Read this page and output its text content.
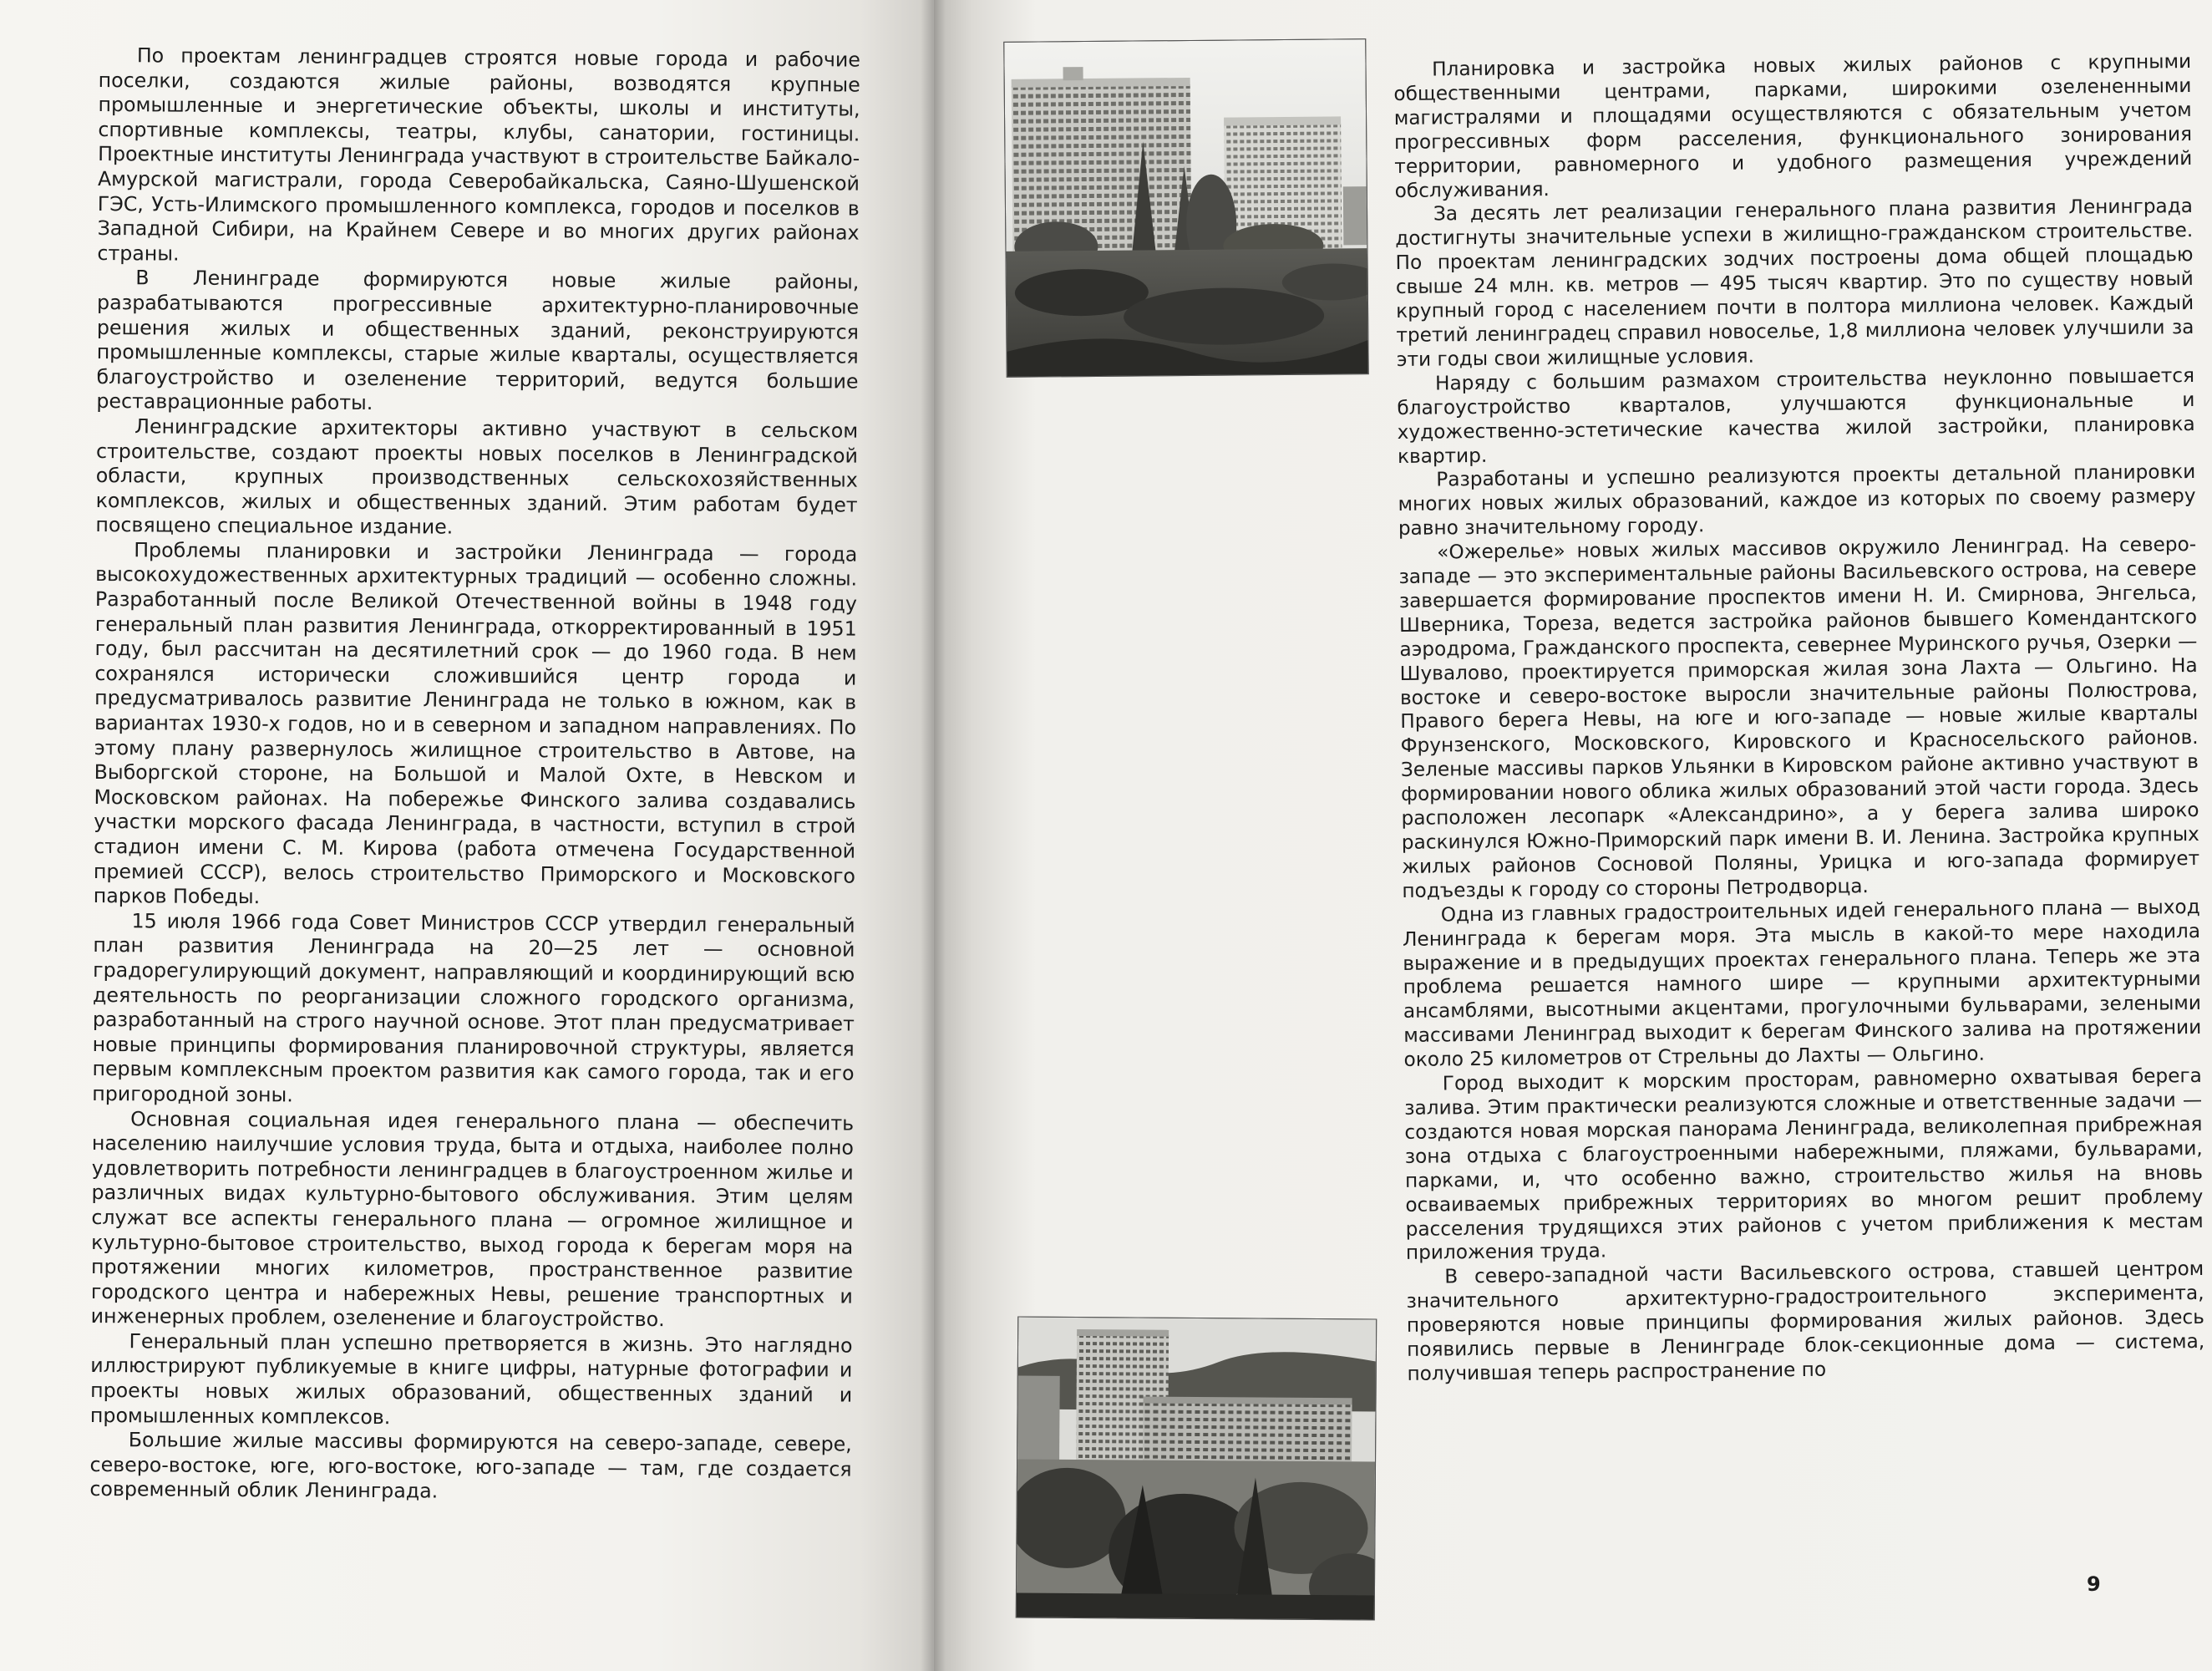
По проектам ленинградцев строятся новые города и рабочие поселки, создаются жилые районы, возводятся крупные промышленные и энергетические объекты, школы и институты, спортивные комплексы, театры, клубы, санатории, гостиницы. Проектные институты Ленинграда участвуют в строительстве Байкало-Амурской магистрали, города Северобайкальска, Саяно-Шушенской ГЭС, Усть-Илимского промышленного комплекса, городов и поселков в Западной Сибири, на Крайнем Севере и во многих других районах страны.

В Ленинграде формируются новые жилые районы, разрабатываются прогрессивные архитектурно-планировочные решения жилых и общественных зданий, реконструируются промышленные комплексы, старые жилые кварталы, осуществляется благоустройство и озеленение территорий, ведутся большие реставрационные работы.

Ленинградские архитекторы активно участвуют в сельском строительстве, создают проекты новых поселков в Ленинградской области, крупных производственных сельскохозяйственных комплексов, жилых и общественных зданий. Этим работам будет посвящено специальное издание.

Проблемы планировки и застройки Ленинграда — города высокохудожественных архитектурных традиций — особенно сложны. Разработанный после Великой Отечественной войны в 1948 году генеральный план развития Ленинграда, откорректированный в 1951 году, был рассчитан на десятилетний срок — до 1960 года. В нем сохранялся исторически сложившийся центр города и предусматривалось развитие Ленинграда не только в южном, как в вариантах 1930-х годов, но и в северном и западном направлениях. По этому плану развернулось жилищное строительство в Автове, на Выборгской стороне, на Большой и Малой Охте, в Невском и Московском районах. На побережье Финского залива создавались участки морского фасада Ленинграда, в частности, вступил в строй стадион имени С. М. Кирова (работа отмечена Государственной премией СССР), велось строительство Приморского и Московского парков Победы.

15 июля 1966 года Совет Министров СССР утвердил генеральный план развития Ленинграда на 20—25 лет — основной градорегулирующий документ, направляющий и координирующий всю деятельность по реорганизации сложного городского организма, разработанный на строго научной основе. Этот план предусматривает новые принципы формирования планировочной структуры, является первым комплексным проектом развития как самого города, так и его пригородной зоны.

Основная социальная идея генерального плана — обеспечить населению наилучшие условия труда, быта и отдыха, наиболее полно удовлетворить потребности ленинградцев в благоустроенном жилье и различных видах культурно-бытового обслуживания. Этим целям служат все аспекты генерального плана — огромное жилищное и культурно-бытовое строительство, выход города к берегам моря на протяжении многих километров, пространственное развитие городского центра и набережных Невы, решение транспортных и инженерных проблем, озеленение и благоустройство.

Генеральный план успешно претворяется в жизнь. Это наглядно иллюстрируют публикуемые в книге цифры, натурные фотографии и проекты новых жилых образований, общественных зданий и промышленных комплексов.

Большие жилые массивы формируются на северо-западе, севере, северо-востоке, юге, юго-востоке, юго-западе — там, где создается современный облик Ленинграда.

Планировка и застройка новых жилых районов с крупными общественными центрами, парками, широкими озелененными магистралями и площадями осуществляются с обязательным учетом прогрессивных форм расселения, функционального зонирования территории, равномерного и удобного размещения учреждений обслуживания.

За десять лет реализации генерального плана развития Ленинграда достигнуты значительные успехи в жилищно-гражданском строительстве. По проектам ленинградских зодчих построены дома общей площадью свыше 24 млн. кв. метров — 495 тысяч квартир. Это по существу новый крупный город с населением почти в полтора миллиона человек. Каждый третий ленинградец справил новоселье, 1,8 миллиона человек улучшили за эти годы свои жилищные условия.

Наряду с большим размахом строительства неуклонно повышается благоустройство кварталов, улучшаются функциональные и художественно-эстетические качества жилой застройки, планировка квартир.

Разработаны и успешно реализуются проекты детальной планировки многих новых жилых образований, каждое из которых по своему размеру равно значительному городу.

«Ожерелье» новых жилых массивов окружило Ленинград. На северо-западе — это экспериментальные районы Васильевского острова, на севере завершается формирование проспектов имени Н. И. Смирнова, Энгельса, Шверника, Тореза, ведется застройка районов бывшего Комендантского аэродрома, Гражданского проспекта, севернее Муринского ручья, Озерки — Шувалово, проектируется приморская жилая зона Лахта — Ольгино. На востоке и северо-востоке выросли значительные районы Полюстрова, Правого берега Невы, на юге и юго-западе — новые жилые кварталы Фрунзенского, Московского, Кировского и Красносельского районов. Зеленые массивы парков Ульянки в Кировском районе активно участвуют в формировании нового облика жилых образований этой части города. Здесь расположен лесопарк «Александрино», а у берега залива широко раскинулся Южно-Приморский парк имени В. И. Ленина. Застройка крупных жилых районов Сосновой Поляны, Урицка и юго-запада формирует подъезды к городу со стороны Петродворца.

Одна из главных градостроительных идей генерального плана — выход Ленинграда к берегам моря. Эта мысль в какой-то мере находила выражение и в предыдущих проектах генерального плана. Теперь же эта проблема решается намного шире — крупными архитектурными ансамблями, высотными акцентами, прогулочными бульварами, зелеными массивами Ленинград выходит к берегам Финского залива на протяжении около 25 километров от Стрельны до Лахты — Ольгино.

Город выходит к морским просторам, равномерно охватывая берега залива. Этим практически реализуются сложные и ответственные задачи — создаются новая морская панорама Ленинграда, великолепная прибрежная зона отдыха с благоустроенными набережными, пляжами, бульварами, парками, и, что особенно важно, строительство жилья на вновь осваиваемых прибрежных территориях во многом решит проблему расселения трудящихся этих районов с учетом приближения к местам приложения труда.

В северо-западной части Васильевского острова, ставшей центром значительного архитектурно-градостроительного эксперимента, проверяются новые принципы формирования жилых районов. Здесь появились первые в Ленинграде блок-секционные дома — система, получившая теперь распространение по

9
